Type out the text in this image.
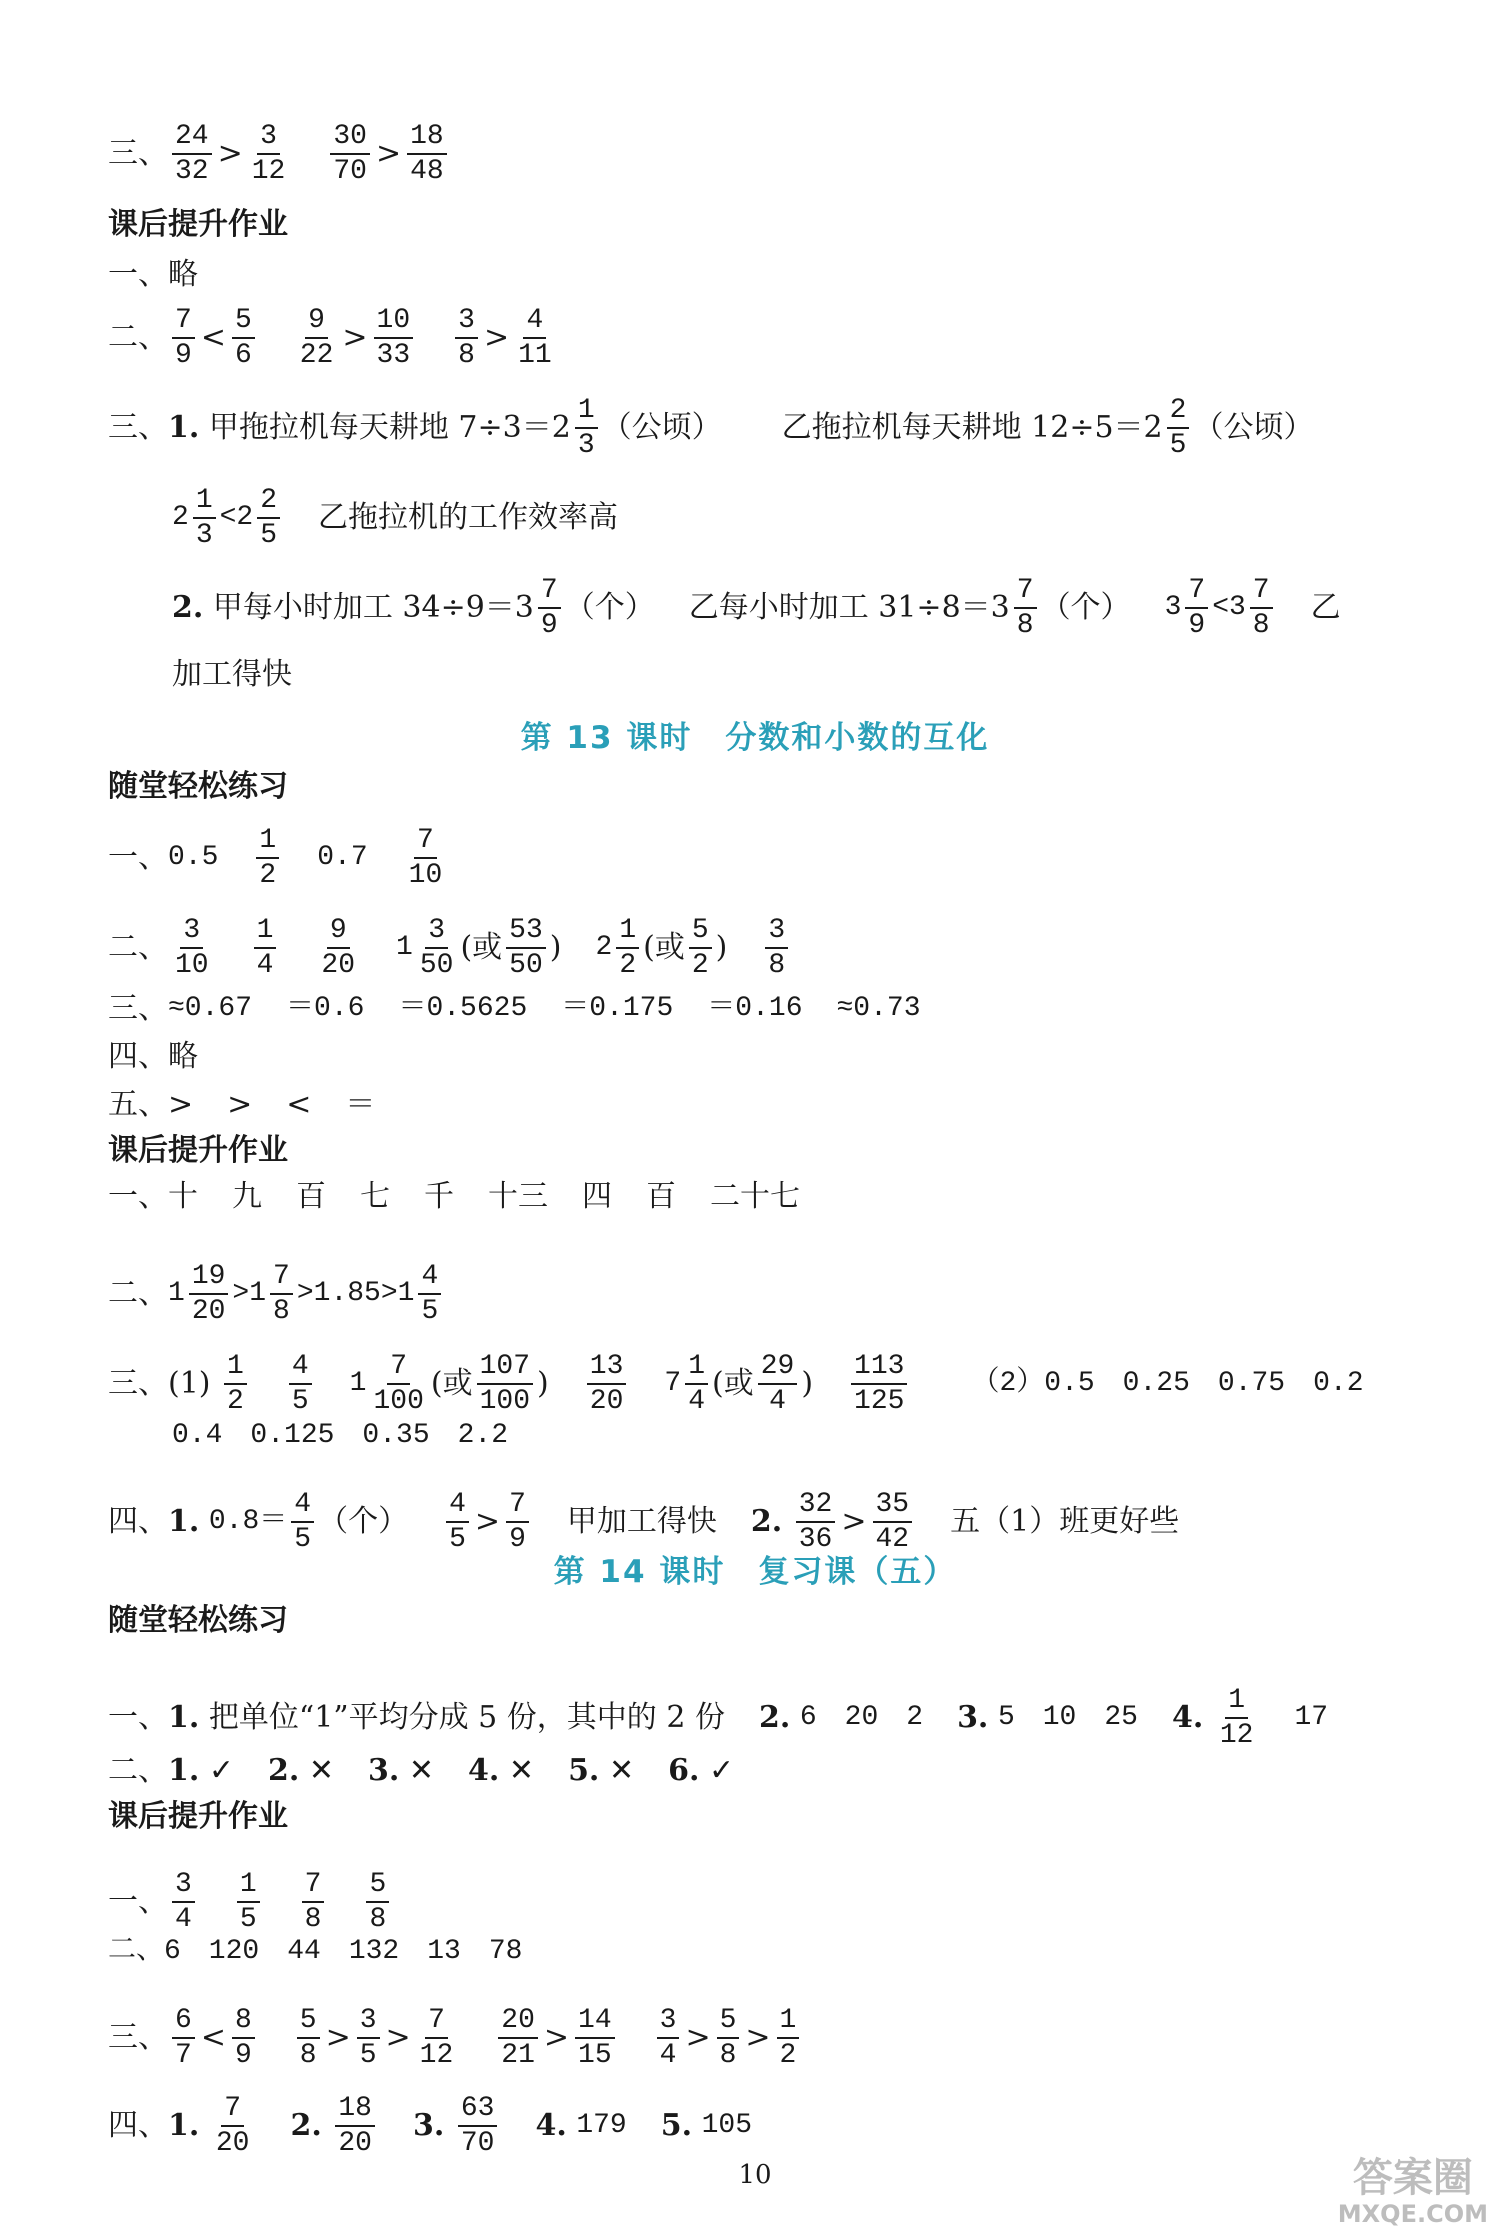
三、 $\frac{24}{32} > \frac{3}{12} \frac{30}{70} > \frac{18}{48}$
课后提升作业
一、略
二、 $\frac{7}{9} < \frac{5}{6} \frac{9}{22} > \frac{10}{33} \frac{3}{8} > \frac{4}{11}$
三、 1.
甲拖拉机每天耕地 $7\div 3=2 \frac{1}{3}$ （公顷） 乙拖拉机每天耕地 $12\div 5=2 \frac{2}{5}$ （公顷）
$2 \frac{1}{3} <2 \frac{2}{5}$ 乙拖拉机的工作效率高
2.
甲每小时加工 $34\div 9=3 \frac{7}{9}$ （个） 乙每小时加工 $31\div 8=3 \frac{7}{8}$ （个） $3 \frac{7}{9} <3 \frac{7}{8}$ 乙
加工得快
第 13 课时　分数和小数的互化
随堂轻松练习
一、 $0.5 \frac{1}{2} 0.7 \frac{7}{10}$
二、 $\frac{3}{10} \frac{1}{4} \frac{9}{20} 1 \frac{3}{50}$ (或 $\frac{53}{50}$ ) $2 \frac{1}{2}$ (或 $\frac{5}{2}$ ) $\frac{3}{8}$
三、 ≈0.67 ＝0.6 ＝0.5625 ＝0.175 ＝0.16 ≈0.73
四、略
五、 > > < ＝
课后提升作业
一、 十 九 百 七 千 十三 四 百 二十七
二、 $1 \frac{19}{20} >1 \frac{7}{8} >1.85>1 \frac{4}{5}$
三、(1)
$\frac{1}{2} \frac{4}{5} 1 \frac{7}{100}$ (或 $\frac{107}{100}$ ) $\frac{13}{20} 7 \frac{1}{4}$ (或 $\frac{29}{4}$ ) $\frac{113}{125} (2)0.5$　0.25　0.75　0.2
0.4　0.125　0.35　2.2
四、 1.
$0.8= \frac{4}{5}$ （个） $\frac{4}{5} > \frac{7}{9}$ 甲加工得快 2.
$\frac{32}{36} > \frac{35}{42}$ 五（1）班更好些
第 14 课时　复习课（五）
随堂轻松练习
一、 1.
把单位“1”平均分成 5 份，其中的 2 份 2.
6　20　2 3.
5　10　25 4.
$\frac{1}{12} 17$
二、 1.
✓ 2.
✕ 3.
✕ 4.
✕ 5.
✕ 6.
✓
课后提升作业
一、 $\frac{3}{4} \frac{1}{5} \frac{7}{8} \frac{5}{8}$
二、6　120　44　132　13　78
三、 $\frac{6}{7} < \frac{8}{9} \frac{5}{8} > \frac{3}{5} > \frac{7}{12} \frac{20}{21} > \frac{14}{15} \frac{3}{4} > \frac{5}{8} > \frac{1}{2}$
四、 1.
$\frac{7}{20} 2$.
$\frac{18}{20} 3$.
$\frac{63}{70} 4$.
179 5.
105
10	答案圈
MXQE.COM
